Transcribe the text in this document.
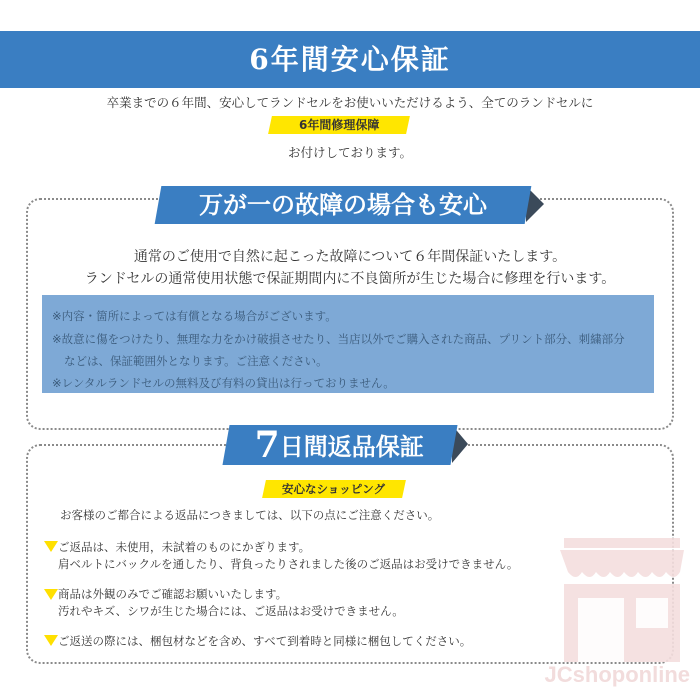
6年間安心保証
卒業までの６年間、安心してランドセルをお使いいただけるよう、全てのランドセルに
6年間修理保障
お付けしております。
万が一の故障の場合も安心
通常のご使用で自然に起こった故障について６年間保証いたします。
ランドセルの通常使用状態で保証期間内に不良箇所が生じた場合に修理を行います。
※内容・箇所によっては有償となる場合がございます。
※故意に傷をつけたり、無理な力をかけ破損させたり、当店以外でご購入された商品、プリント部分、刺繍部分
などは、保証範囲外となります。ご注意ください。
※レンタルランドセルの無料及び有料の貸出は行っておりません。
7日間返品保証
安心なショッピング
お客様のご都合による返品につきましては、以下の点にご注意ください。
ご返品は、未使用，未試着のものにかぎります。
肩ベルトにバックルを通したり、背負ったりされました後のご返品はお受けできません。
商品は外観のみでご確認お願いいたします。
汚れやキズ、シワが生じた場合には、ご返品はお受けできません。
ご返送の際には、梱包材などを含め、すべて到着時と同様に梱包してください。
JCshoponline
